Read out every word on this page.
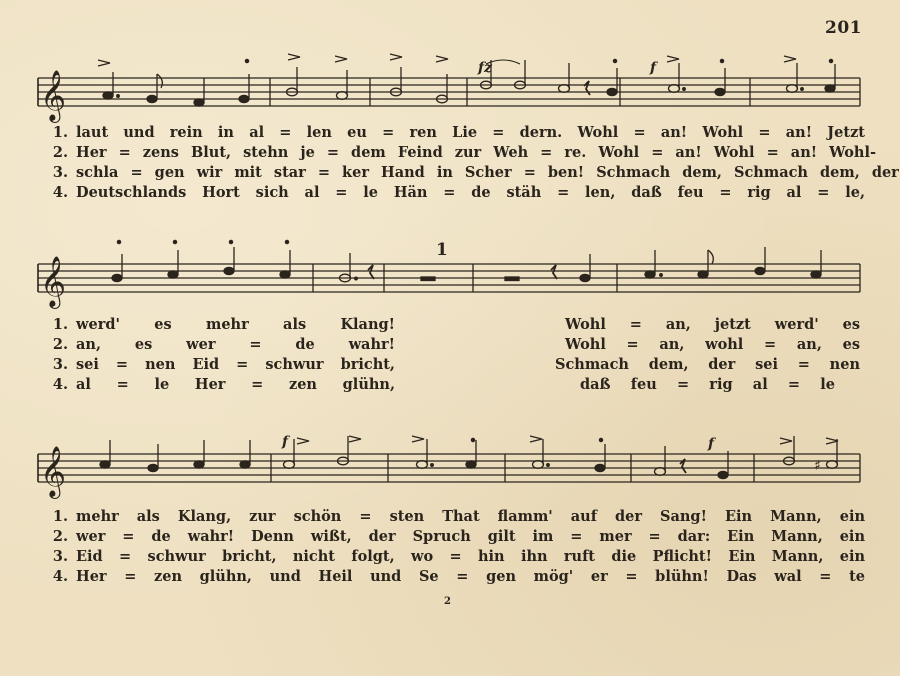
201
𝄞
fz	f
1. laut und rein in al = len eu = ren Lie = dern. Wohl = an! Wohl = an! Jetzt
2. Her = zens Blut, stehn je = dem Feind zur Weh = re. Wohl = an! Wohl = an! Wohl-
3. schla = gen wir mit star = ker Hand in Scher = ben! Schmach dem, Schmach dem, der
4. Deutschlands Hort sich al = le Hän = de stäh = len, daß feu = rig al = le,
1
𝄞
1. werd' es mehr als Klang!	Wohl = an, jetzt werd' es
2. an, es wer = de wahr!	Wohl = an, wohl = an, es
3. sei = nen Eid = schwur bricht,	Schmach dem, der sei = nen
4. al = le Her = zen glühn,	daß feu = rig al = le
𝄞	♯
f	f
1. mehr als Klang, zur schön = sten That flamm' auf der Sang! Ein Mann, ein
2. wer = de wahr! Denn wißt, der Spruch gilt im = mer = dar: Ein Mann, ein
3. Eid = schwur bricht, nicht folgt, wo = hin ihn ruft die Pflicht! Ein Mann, ein
4. Her = zen glühn, und Heil und Se = gen mög' er = blühn! Das wal = te
2
